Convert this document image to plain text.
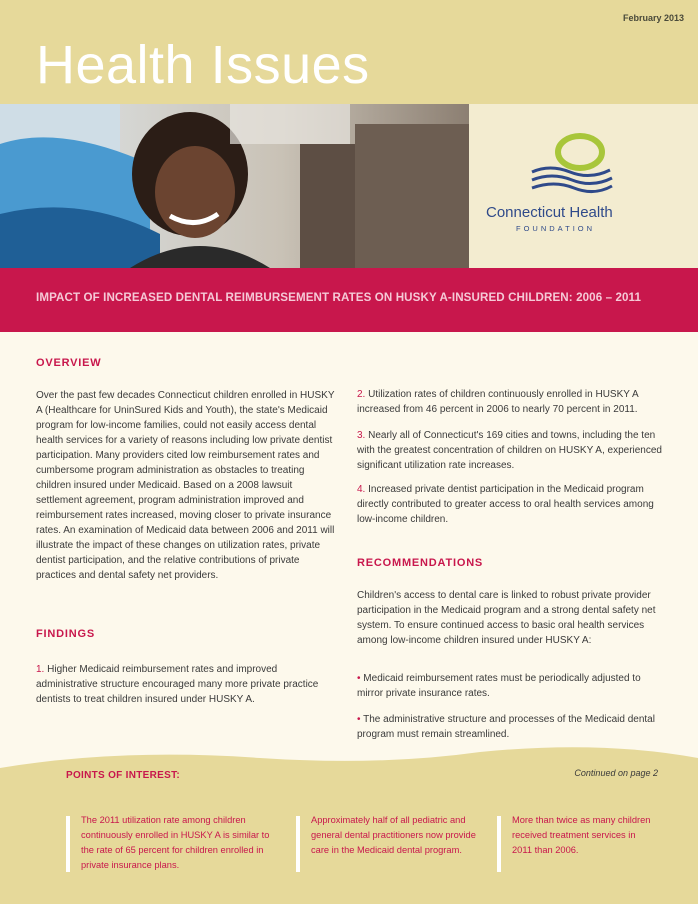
February 2013
Health Issues
Connecticut Health
FOUNDATION
IMPACT OF INCREASED DENTAL REIMBURSEMENT RATES ON HUSKY A-INSURED CHILDREN: 2006 – 2011
OVERVIEW
Over the past few decades Connecticut children enrolled in HUSKY A (Healthcare for UninSured Kids and Youth), the state's Medicaid program for low-income families, could not easily access dental health services for a variety of reasons including low private dentist participation. Many providers cited low reimbursement rates and cumbersome program administration as obstacles to treating children insured under Medicaid. Based on a 2008 lawsuit settlement agreement, program administration improved and reimbursement rates increased, moving closer to private insurance rates. An examination of Medicaid data between 2006 and 2011 will illustrate the impact of these changes on utilization rates, private dentist participation, and the relative contributions of private practices and dental safety net providers.
FINDINGS
1. Higher Medicaid reimbursement rates and improved administrative structure encouraged many more private practice dentists to treat children insured under HUSKY A.
2. Utilization rates of children continuously enrolled in HUSKY A increased from 46 percent in 2006 to nearly 70 percent in 2011.
3. Nearly all of Connecticut's 169 cities and towns, including the ten with the greatest concentration of children on HUSKY A, experienced significant utilization rate increases.
4. Increased private dentist participation in the Medicaid program directly contributed to greater access to oral health services among low-income children.
RECOMMENDATIONS
Children's access to dental care is linked to robust private provider participation in the Medicaid program and a strong dental safety net system. To ensure continued access to basic oral health services among low-income children insured under HUSKY A:
• Medicaid reimbursement rates must be periodically adjusted to mirror private insurance rates.
• The administrative structure and processes of the Medicaid dental program must remain streamlined.
POINTS OF INTEREST:	Continued on page 2
The 2011 utilization rate among children continuously enrolled in HUSKY A is similar to the rate of 65 percent for children enrolled in private insurance plans.
Approximately half of all pediatric and general dental practitioners now provide care in the Medicaid dental program.
More than twice as many children received treatment services in 2011 than 2006.
